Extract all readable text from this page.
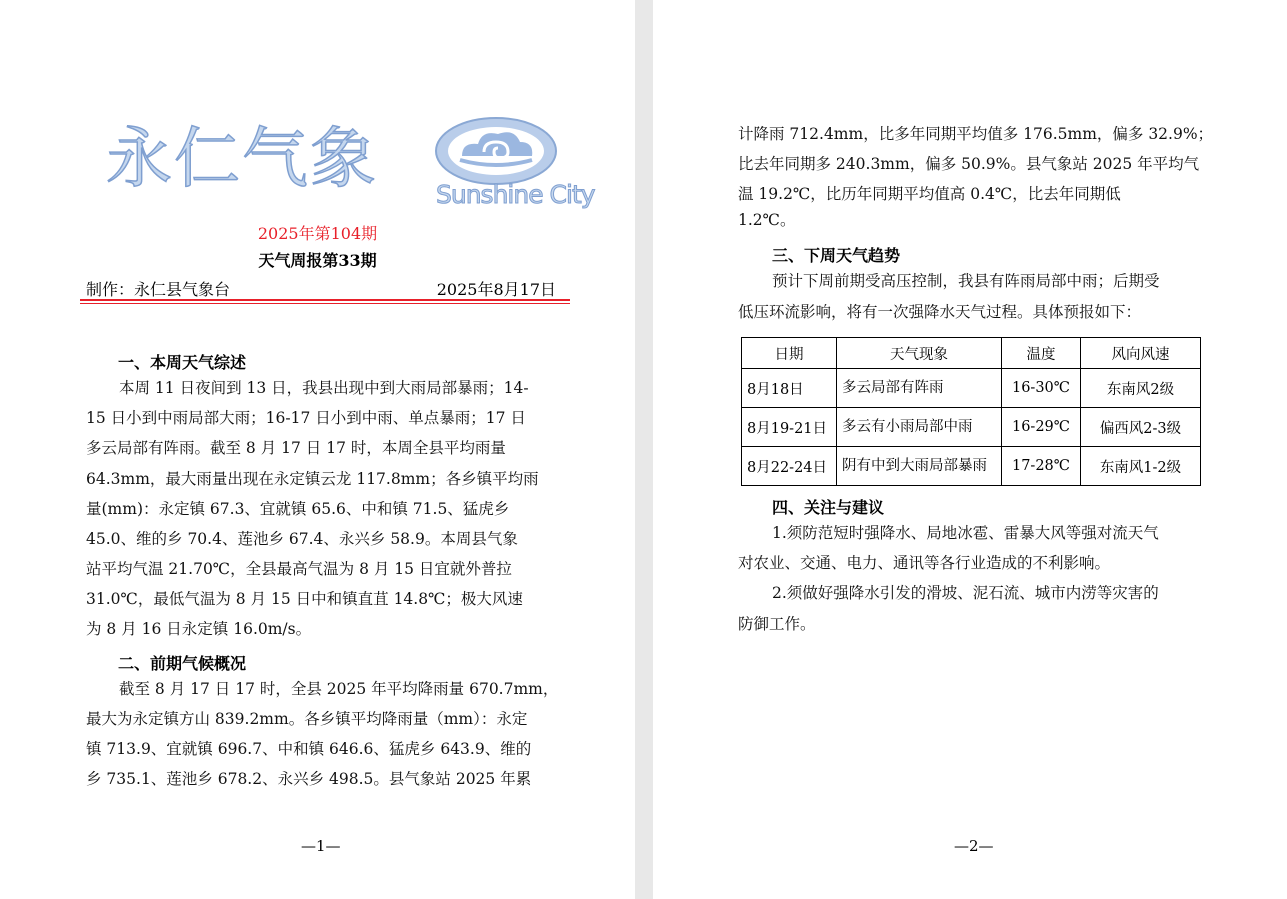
永仁气象 Sunshine City
2025年第104期
天气周报第33期
制作：永仁县气象台	2025年8月17日
一、本周天气综述
本周 11 日夜间到 13 日，我县出现中到大雨局部暴雨；14-
15 日小到中雨局部大雨；16-17 日小到中雨、单点暴雨；17 日
多云局部有阵雨。截至 8 月 17 日 17 时，本周全县平均雨量
64.3mm，最大雨量出现在永定镇云龙 117.8mm；各乡镇平均雨
量(mm)：永定镇 67.3、宜就镇 65.6、中和镇 71.5、猛虎乡
45.0、维的乡 70.4、莲池乡 67.4、永兴乡 58.9。本周县气象
站平均气温 21.70℃，全县最高气温为 8 月 15 日宜就外普拉
31.0℃，最低气温为 8 月 15 日中和镇直苴 14.8℃；极大风速
为 8 月 16 日永定镇 16.0m/s。
二、前期气候概况
截至 8 月 17 日 17 时，全县 2025 年平均降雨量 670.7mm，
最大为永定镇方山 839.2mm。各乡镇平均降雨量（mm）：永定
镇 713.9、宜就镇 696.7、中和镇 646.6、猛虎乡 643.9、维的
乡 735.1、莲池乡 678.2、永兴乡 498.5。县气象站 2025 年累
—1—
计降雨 712.4mm，比多年同期平均值多 176.5mm，偏多 32.9%；
比去年同期多 240.3mm，偏多 50.9%。县气象站 2025 年平均气
温 19.2℃，比历年同期平均值高 0.4℃，比去年同期低
1.2℃。
三、下周天气趋势
预计下周前期受高压控制，我县有阵雨局部中雨；后期受
低压环流影响，将有一次强降水天气过程。具体预报如下：
日期	天气现象	温度	风向风速
8月18日	多云局部有阵雨	16-30℃	东南风2级
8月19-21日	多云有小雨局部中雨	16-29℃	偏西风2-3级
8月22-24日	阴有中到大雨局部暴雨	17-28℃	东南风1-2级
四、关注与建议
1.须防范短时强降水、局地冰雹、雷暴大风等强对流天气
对农业、交通、电力、通讯等各行业造成的不利影响。
2.须做好强降水引发的滑坡、泥石流、城市内涝等灾害的
防御工作。
—2—
